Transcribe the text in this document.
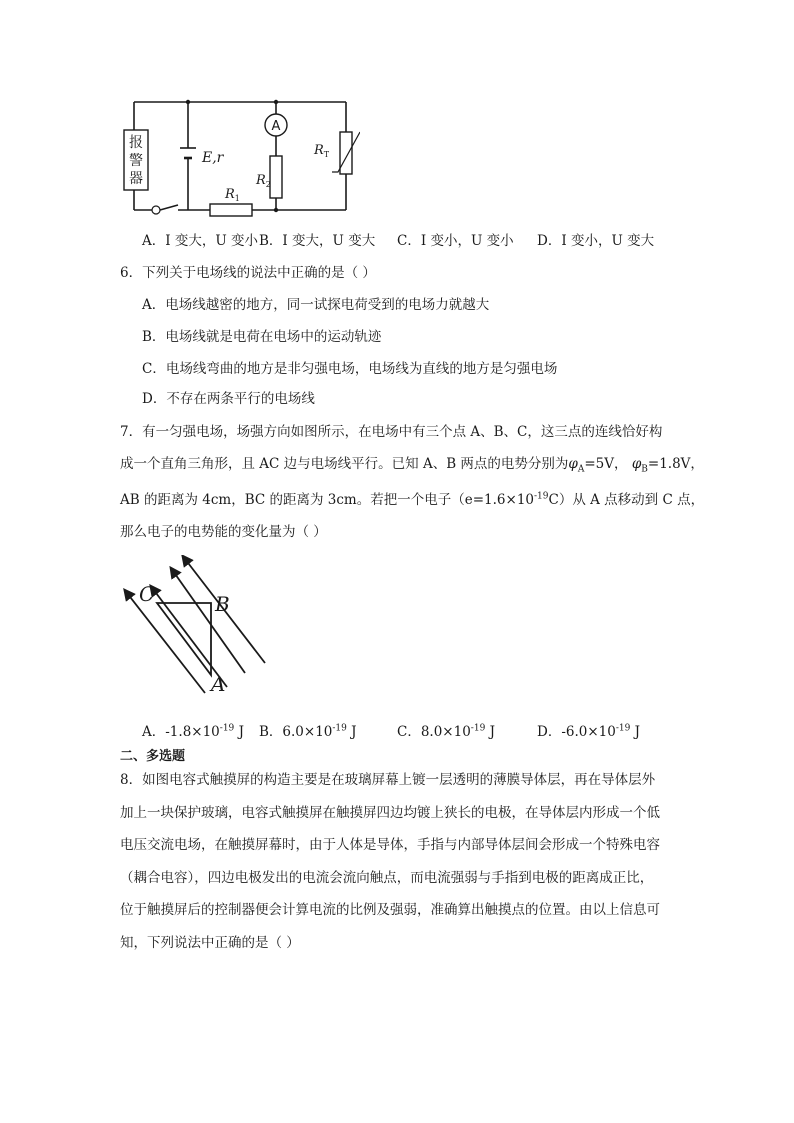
报
警
器
E,r
A
$R_1$
$R_2$
$R_T$
A．I 变大，U 变小 B．I 变大，U 变大 C．I 变小，U 变小 D．I 变小，U 变大
6．下列关于电场线的说法中正确的是（ ）
A．电场线越密的地方，同一试探电荷受到的电场力就越大
B．电场线就是电荷在电场中的运动轨迹
C．电场线弯曲的地方是非匀强电场，电场线为直线的地方是匀强电场
D．不存在两条平行的电场线
7．有一匀强电场，场强方向如图所示，在电场中有三个点 A、B、C，这三点的连线恰好构
成一个直角三角形，且 AC 边与电场线平行。已知 A、B 两点的电势分别为$\varphi_A=5V$， $\varphi_B=1.8V$，
AB 的距离为 4cm，BC 的距离为 3cm。若把一个电子$(e=1.6\times 10^{-19}C)$从 A 点移动到 C 点，
那么电子的电势能的变化量为（ ）
C	B
A
A．$-1.8\times 10^{-19}$ J B．$6.0\times 10^{-19}$ J	C．$8.0\times 10^{-19}$ J	D．$-6.0\times 10^{-19}$ J
二、多选题
8．如图电容式触摸屏的构造主要是在玻璃屏幕上镀一层透明的薄膜导体层，再在导体层外
加上一块保护玻璃，电容式触摸屏在触摸屏四边均镀上狭长的电极，在导体层内形成一个低
电压交流电场，在触摸屏幕时，由于人体是导体，手指与内部导体层间会形成一个特殊电容
（耦合电容），四边电极发出的电流会流向触点，而电流强弱与手指到电极的距离成正比，
位于触摸屏后的控制器便会计算电流的比例及强弱，准确算出触摸点的位置。由以上信息可
知，下列说法中正确的是（ ）
